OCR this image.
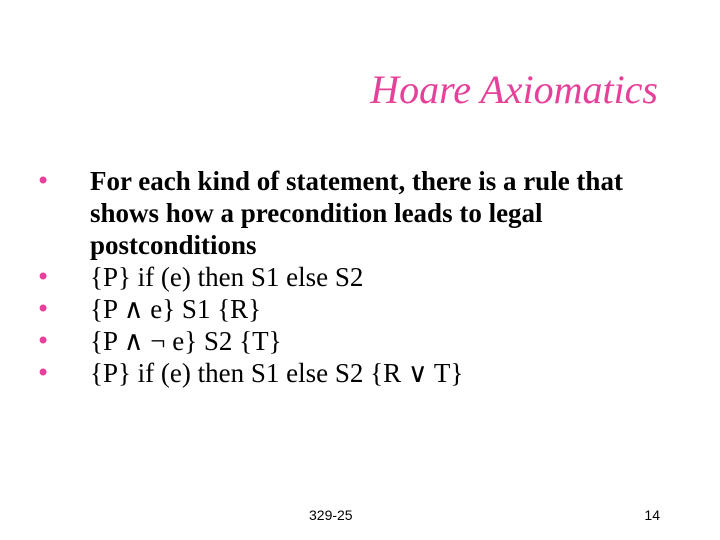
Hoare Axiomatics
•	For each kind of statement, there is a rule that shows how a precondition leads to legal postconditions
•	{P} if (e) then S1 else S2
•	{P ∧ e} S1 {R}
•	{P ∧ ¬ e} S2 {T}
•	{P} if (e) then S1 else S2 {R ∨ T}
329-25	14
